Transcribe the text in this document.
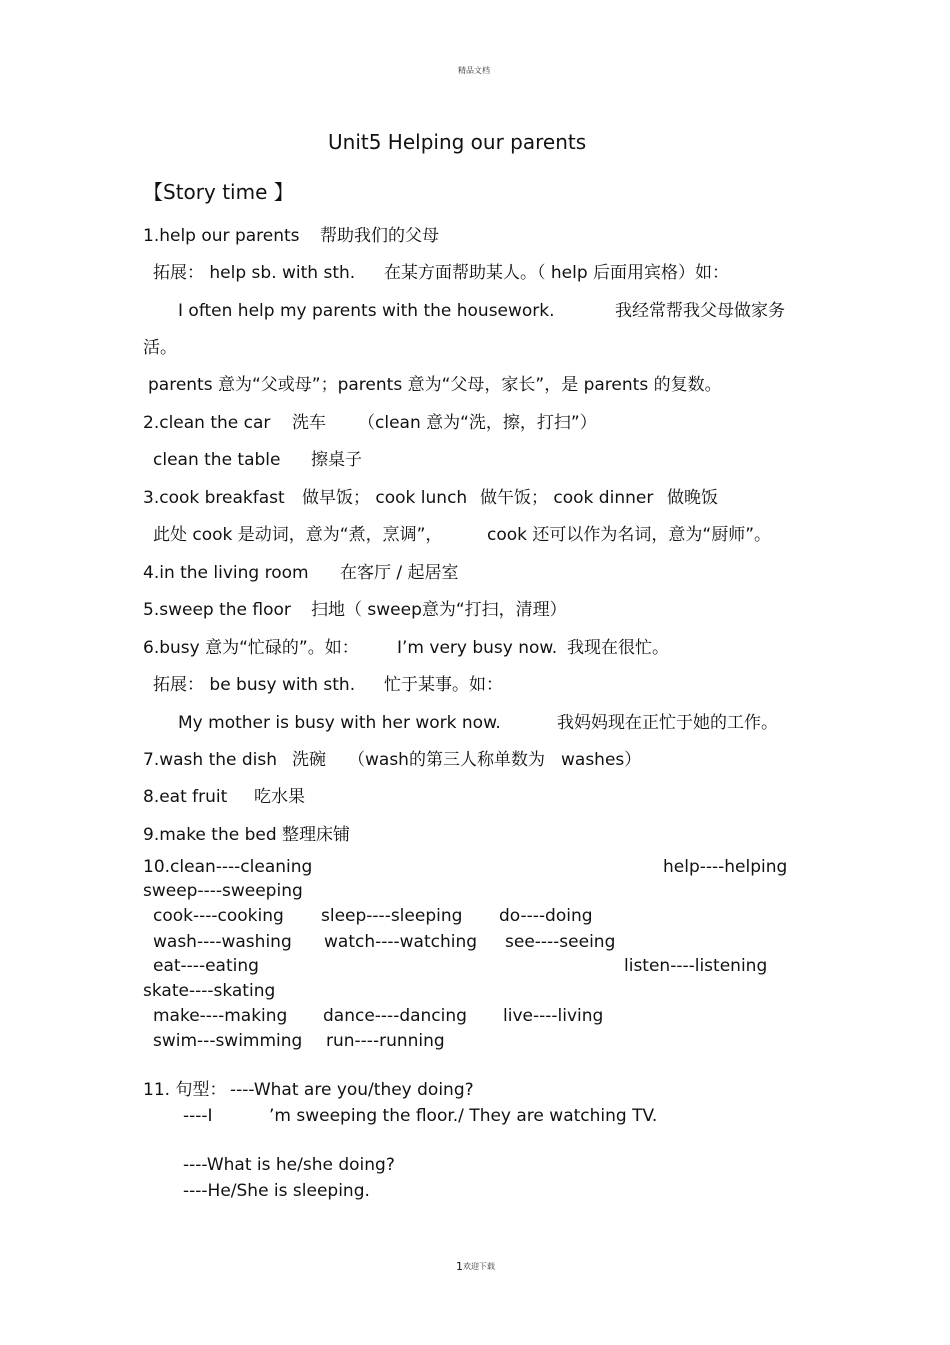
精品文档
Unit5 Helping our parents
【Story time 】
1.help our parents 帮助我们的父母
拓展： help sb. with sth. 在某方面帮助某人。（ help 后面用宾格）如：
I often help my parents with the housework.	我经常帮我父母做家务
活。
parents 意为“父或母”；parents 意为“父母，家长”，是 parents 的复数。
2.clean the car 洗车 （clean 意为“洗，擦，打扫”）
clean the table 擦桌子
3.cook breakfast 做早饭； cook lunch 做午饭； cook dinner 做晚饭
此处 cook 是动词，意为“煮，烹调”，	cook 还可以作为名词，意为“厨师”。
4.in the living room 在客厅 / 起居室
5.sweep the floor 扫地（ sweep意为“打扫，清理）
6.busy 意为“忙碌的”。如： I’m very busy now. 我现在很忙。
拓展： be busy with sth. 忙于某事。如：
My mother is busy with her work now.	我妈妈现在正忙于她的工作。
7.wash the dish 洗碗 （wash的第三人称单数为 washes）
8.eat fruit 吃水果
9.make the bed 整理床铺
10.clean----cleaning	help----helping
sweep----sweeping
cook----cooking sleep----sleeping do----doing
wash----washing watch----watching see----seeing
eat----eating	listen----listening
skate----skating
make----making dance----dancing live----living
swim---swimming run----running
11. 句型： ----What are you/they doing?
----I	’m sweeping the floor./ They are watching TV.
----What is he/she doing?
----He/She is sleeping.
1 欢迎下载
